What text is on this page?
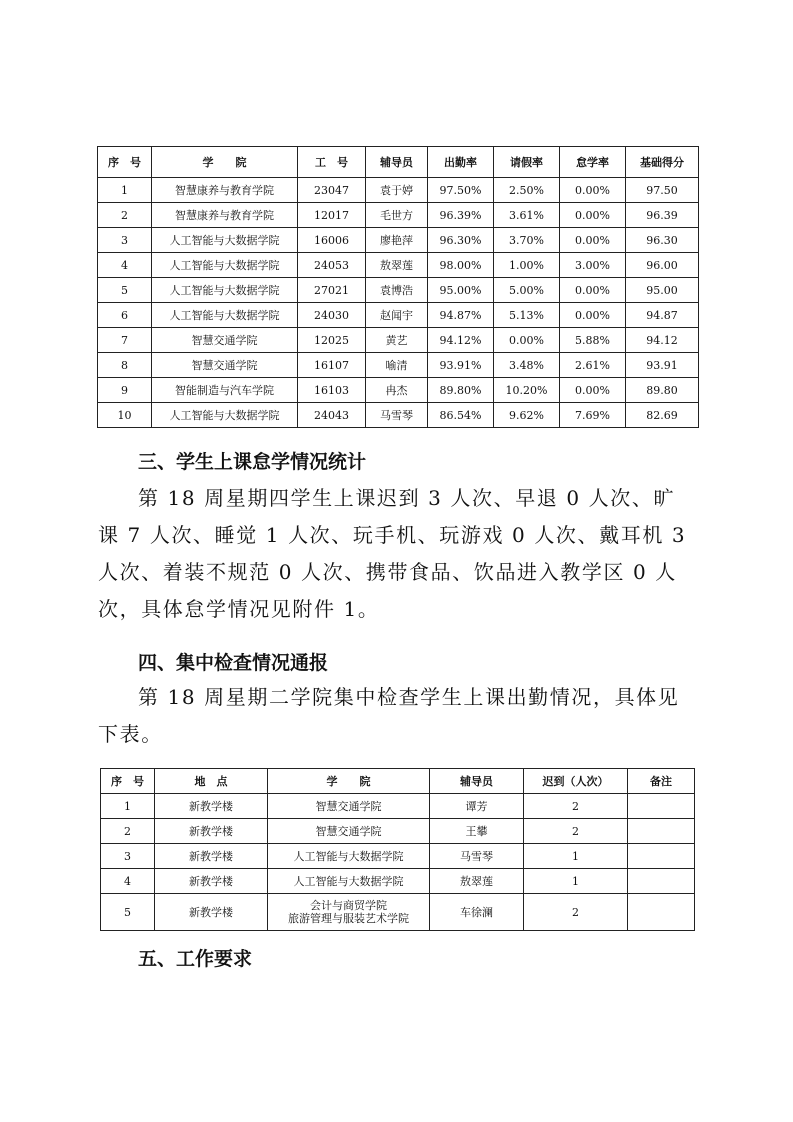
序　号	学　　院	工　号	辅导员	出勤率	请假率	怠学率	基础得分
1	智慧康养与教育学院	23047	袁于婷	97.50%	2.50%	0.00%	97.50
2	智慧康养与教育学院	12017	毛世方	96.39%	3.61%	0.00%	96.39
3	人工智能与大数据学院	16006	廖艳萍	96.30%	3.70%	0.00%	96.30
4	人工智能与大数据学院	24053	敖翠莲	98.00%	1.00%	3.00%	96.00
5	人工智能与大数据学院	27021	袁博浩	95.00%	5.00%	0.00%	95.00
6	人工智能与大数据学院	24030	赵闻宇	94.87%	5.13%	0.00%	94.87
7	智慧交通学院	12025	黄艺	94.12%	0.00%	5.88%	94.12
8	智慧交通学院	16107	喻清	93.91%	3.48%	2.61%	93.91
9	智能制造与汽车学院	16103	冉杰	89.80%	10.20%	0.00%	89.80
10	人工智能与大数据学院	24043	马雪琴	86.54%	9.62%	7.69%	82.69
三、学生上课怠学情况统计

第 18 周星期四学生上课迟到 3 人次、早退 0 人次、旷课 7 人次、睡觉 1 人次、玩手机、玩游戏 0 人次、戴耳机 3 人次、着装不规范 0 人次、携带食品、饮品进入教学区 0 人次，具体怠学情况见附件 1。

四、集中检查情况通报

第 18 周星期二学院集中检查学生上课出勤情况，具体见下表。

序　号	地　点	学　　院	辅导员	迟到（人次）	备注
1	新教学楼	智慧交通学院	谭芳	2	
2	新教学楼	智慧交通学院	王攀	2	
3	新教学楼	人工智能与大数据学院	马雪琴	1	
4	新教学楼	人工智能与大数据学院	敖翠莲	1	
5	新教学楼	会计与商贸学院
旅游管理与服装艺术学院	车徐澜	2	
五、工作要求
